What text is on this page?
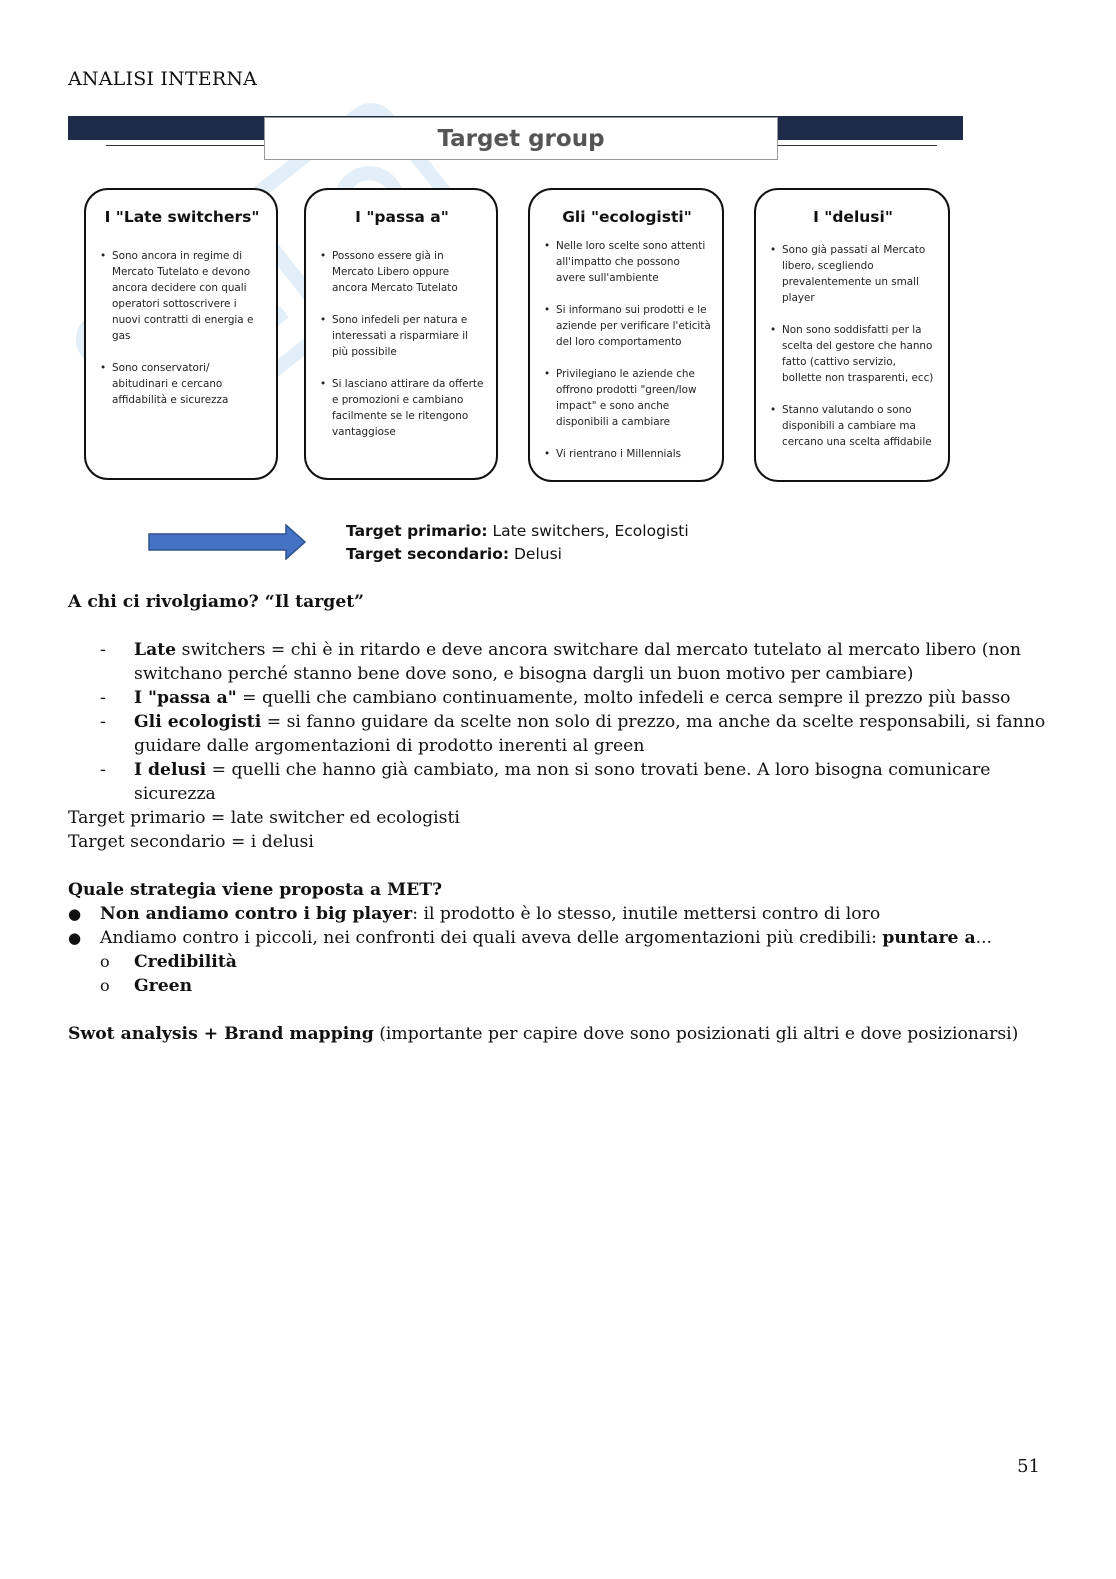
ANALISI INTERNA
Target group
I "Late switchers"
• Sono ancora in regime di Mercato Tutelato e devono ancora decidere con quali operatori sottoscrivere i nuovi contratti di energia e gas
• Sono conservatori/ abitudinari e cercano affidabilità e sicurezza
I "passa a"
• Possono essere già in Mercato Libero oppure ancora Mercato Tutelato
• Sono infedeli per natura e interessati a risparmiare il più possibile
• Si lasciano attirare da offerte e promozioni e cambiano facilmente se le ritengono vantaggiose
Gli "ecologisti"
• Nelle loro scelte sono attenti all'impatto che possono avere sull'ambiente
• Si informano sui prodotti e le aziende per verificare l'eticità del loro comportamento
• Privilegiano le aziende che offrono prodotti "green/low impact" e sono anche disponibili a cambiare
• Vi rientrano i Millennials
I "delusi"
• Sono già passati al Mercato libero, scegliendo prevalentemente un small player
• Non sono soddisfatti per la scelta del gestore che hanno fatto (cattivo servizio, bollette non trasparenti, ecc)
• Stanno valutando o sono disponibili a cambiare ma cercano una scelta affidabile
Target primario: Late switchers, Ecologisti
Target secondario: Delusi

A chi ci rivolgiamo? “Il target”

- Late switchers = chi è in ritardo e deve ancora switchare dal mercato tutelato al mercato libero (non switchano perché stanno bene dove sono, e bisogna dargli un buon motivo per cambiare)
- I "passa a" = quelli che cambiano continuamente, molto infedeli e cerca sempre il prezzo più basso
- Gli ecologisti = si fanno guidare da scelte non solo di prezzo, ma anche da scelte responsabili, si fanno guidare dalle argomentazioni di prodotto inerenti al green
- I delusi = quelli che hanno già cambiato, ma non si sono trovati bene. A loro bisogna comunicare sicurezza

Target primario = late switcher ed ecologisti

Target secondario = i delusi

Quale strategia viene proposta a MET?

● Non andiamo contro i big player: il prodotto è lo stesso, inutile mettersi contro di loro
● Andiamo contro i piccoli, nei confronti dei quali aveva delle argomentazioni più credibili: puntare a...
o Credibilità
o Green

Swot analysis + Brand mapping (importante per capire dove sono posizionati gli altri e dove posizionarsi)

51
